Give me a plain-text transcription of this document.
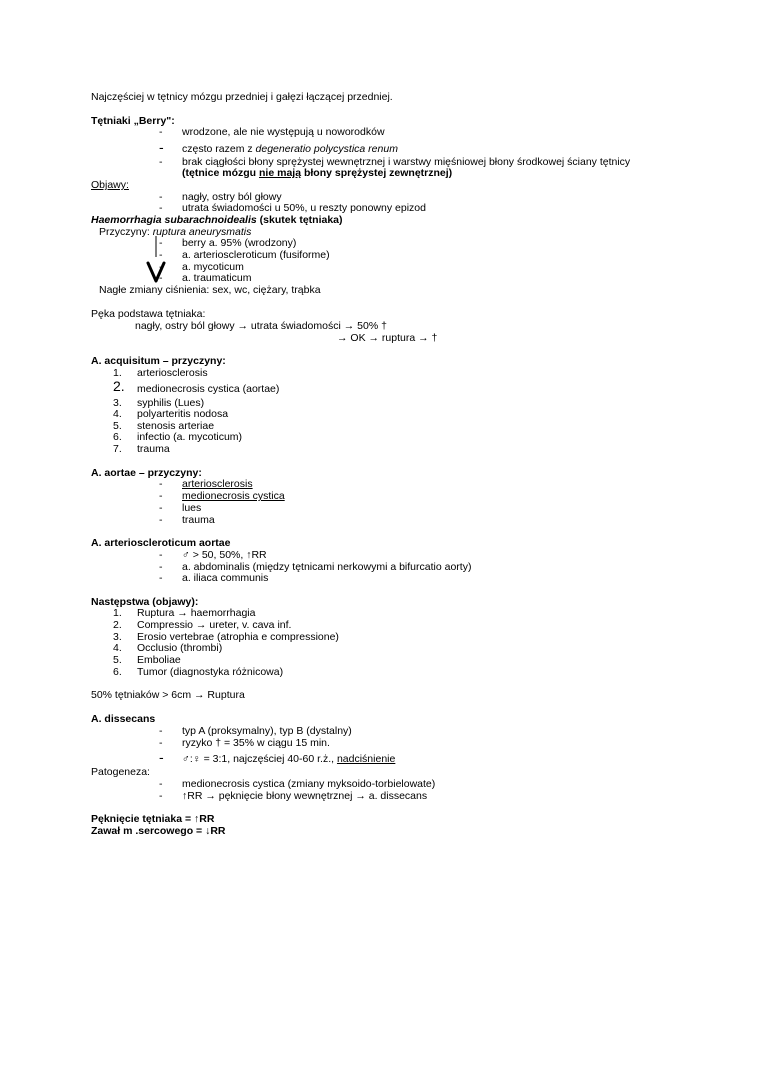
Najczęściej w tętnicy mózgu przedniej i gałęzi łączącej przedniej.
Tętniaki „Berry":
- wrodzone, ale nie występują u noworodków
- często razem z degeneratio polycystica renum
- brak ciągłości błony sprężystej wewnętrznej i warstwy mięśniowej błony środkowej ściany tętnicy
(tętnice mózgu nie mają błony sprężystej zewnętrznej)
Objawy:
- nagły, ostry ból głowy
- utrata świadomości u 50%, u reszty ponowny epizod
Haemorrhagia subarachnoidealis (skutek tętniaka)
Przyczyny: ruptura aneurysmatis
- berry a. 95% (wrodzony)
- a. arterioscleroticum (fusiforme)
- a. mycoticum
- a. traumaticum
Nagłe zmiany ciśnienia: sex, wc, ciężary, trąbka
Pęka podstawa tętniaka:
nagły, ostry ból głowy → utrata świadomości → 50% †
→ OK → ruptura → †
A. acquisitum – przyczyny:
1. arteriosclerosis
2. medionecrosis cystica (aortae)
3. syphilis (Lues)
4. polyarteritis nodosa
5. stenosis arteriae
6. infectio (a. mycoticum)
7. trauma
A. aortae – przyczyny:
- arteriosclerosis
- medionecrosis cystica
- lues
- trauma
A. arterioscleroticum aortae
- ♂ > 50, 50%, ↑RR
- a. abdominalis (między tętnicami nerkowymi a bifurcatio aorty)
- a. iliaca communis
Następstwa (objawy):
1. Ruptura → haemorrhagia
2. Compressio → ureter, v. cava inf.
3. Erosio vertebrae (atrophia e compressione)
4. Occlusio (thrombi)
5. Emboliae
6. Tumor (diagnostyka różnicowa)
50% tętniaków > 6cm → Ruptura
A. dissecans
- typ A (proksymalny), typ B (dystalny)
- ryzyko † = 35% w ciągu 15 min.
- ♂:♀ = 3:1, najczęściej 40-60 r.ż., nadciśnienie
Patogeneza:
- medionecrosis cystica (zmiany myksoido-torbielowate)
- ↑RR → pęknięcie błony wewnętrznej → a. dissecans
Pęknięcie tętniaka = ↑RR
Zawał m .sercowego = ↓RR
